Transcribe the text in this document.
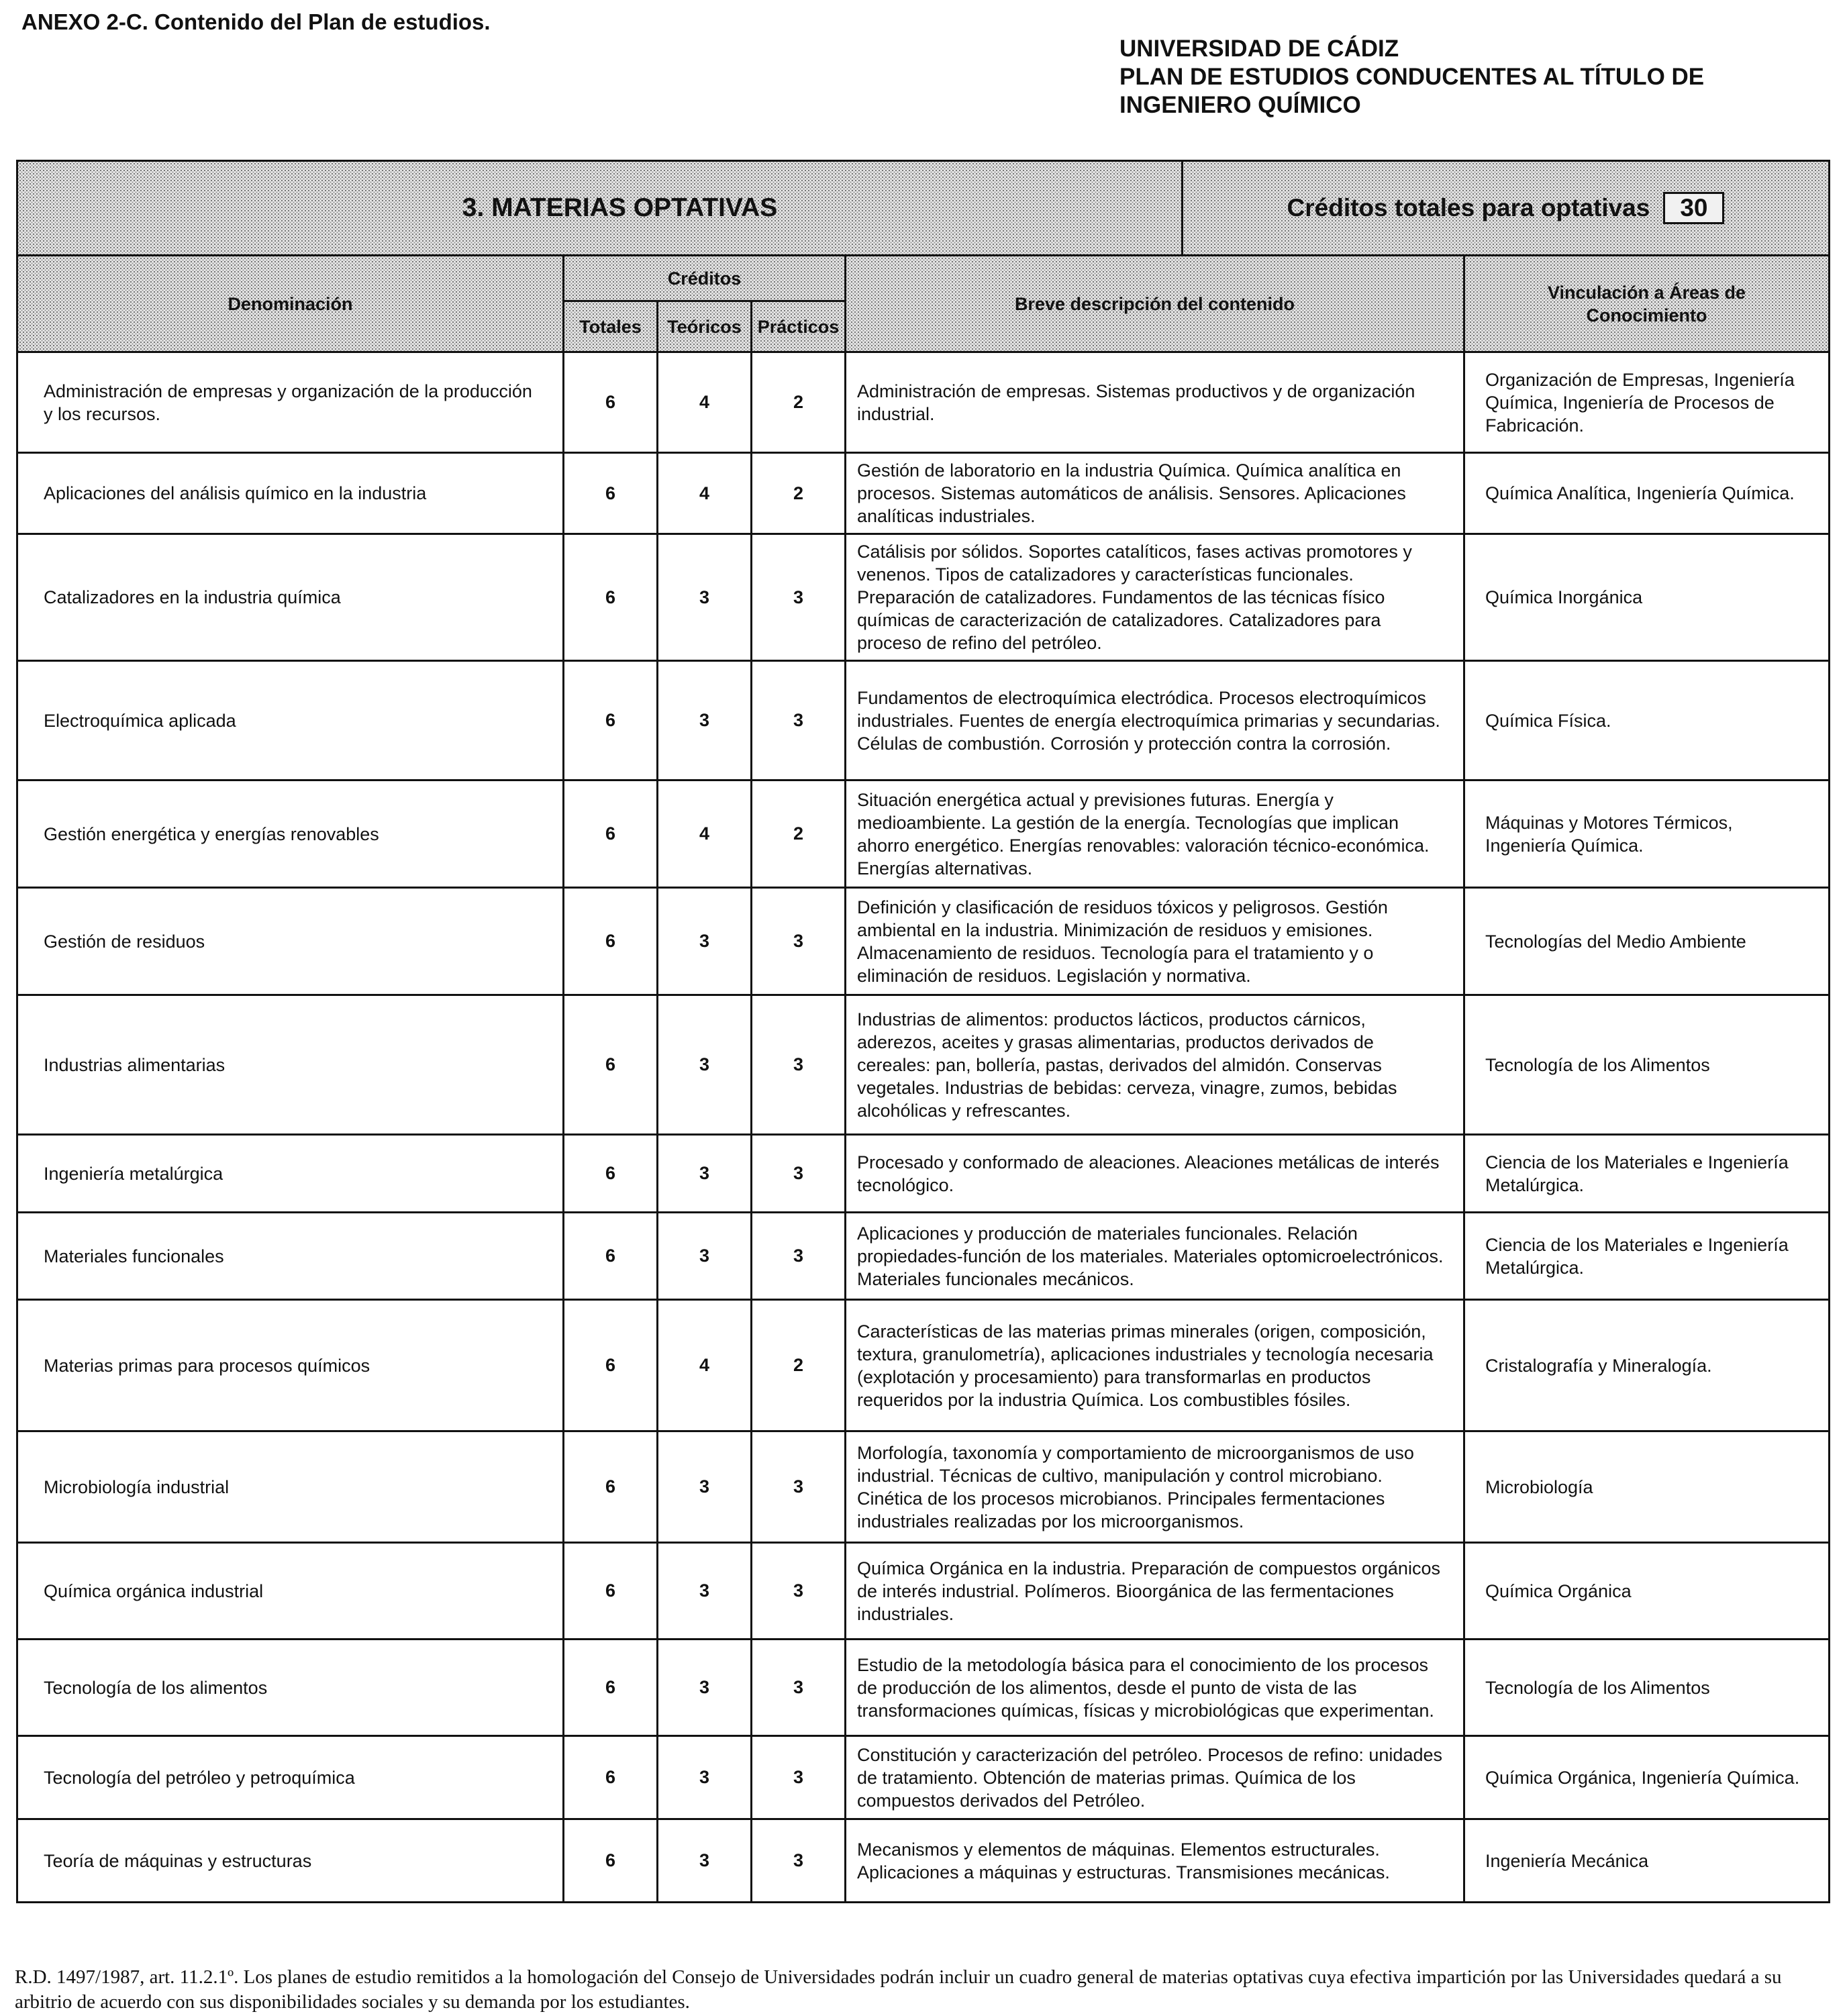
ANEXO 2-C. Contenido del Plan de estudios.
UNIVERSIDAD DE CÁDIZ
PLAN DE ESTUDIOS CONDUCENTES AL TÍTULO DE
INGENIERO QUÍMICO
3. MATERIAS OPTATIVAS Créditos totales para optativas 30					

Denominación	Créditos			Breve descripción del contenido	Vinculación a Áreas de Conocimiento
	Totales	Teóricos	Prácticos		
Administración de empresas y organización de la producción y los recursos.	6	4	2	Administración de empresas. Sistemas productivos y de organización industrial.	Organización de Empresas, Ingeniería Química, Ingeniería de Procesos de Fabricación.
Aplicaciones del análisis químico en la industria	6	4	2	Gestión de laboratorio en la industria Química. Química analítica en procesos. Sistemas automáticos de análisis. Sensores. Aplicaciones analíticas industriales.	Química Analítica, Ingeniería Química.
Catalizadores en la industria química	6	3	3	Catálisis por sólidos. Soportes catalíticos, fases activas promotores y venenos. Tipos de catalizadores y características funcionales. Preparación de catalizadores. Fundamentos de las técnicas físico químicas de caracterización de catalizadores. Catalizadores para proceso de refino del petróleo.	Química Inorgánica
Electroquímica aplicada	6	3	3	Fundamentos de electroquímica electródica. Procesos electroquímicos industriales. Fuentes de energía electroquímica primarias y secundarias. Células de combustión. Corrosión y protección contra la corrosión.	Química Física.
Gestión energética y energías renovables	6	4	2	Situación energética actual y previsiones futuras. Energía y medioambiente. La gestión de la energía. Tecnologías que implican ahorro energético. Energías renovables: valoración técnico-económica. Energías alternativas.	Máquinas y Motores Térmicos, Ingeniería Química.
Gestión de residuos	6	3	3	Definición y clasificación de residuos tóxicos y peligrosos. Gestión ambiental en la industria. Minimización de residuos y emisiones. Almacenamiento de residuos. Tecnología para el tratamiento y o eliminación de residuos. Legislación y normativa.	Tecnologías del Medio Ambiente
Industrias alimentarias	6	3	3	Industrias de alimentos: productos lácticos, productos cárnicos, aderezos, aceites y grasas alimentarias, productos derivados de cereales: pan, bollería, pastas, derivados del almidón. Conservas vegetales. Industrias de bebidas: cerveza, vinagre, zumos, bebidas alcohólicas y refrescantes.	Tecnología de los Alimentos
Ingeniería metalúrgica	6	3	3	Procesado y conformado de aleaciones. Aleaciones metálicas de interés tecnológico.	Ciencia de los Materiales e Ingeniería Metalúrgica.
Materiales funcionales	6	3	3	Aplicaciones y producción de materiales funcionales. Relación propiedades-función de los materiales. Materiales optomicroelectrónicos. Materiales funcionales mecánicos.	Ciencia de los Materiales e Ingeniería Metalúrgica.
Materias primas para procesos químicos	6	4	2	Características de las materias primas minerales (origen, composición, textura, granulometría), aplicaciones industriales y tecnología necesaria (explotación y procesamiento) para transformarlas en productos requeridos por la industria Química. Los combustibles fósiles.	Cristalografía y Mineralogía.
Microbiología industrial	6	3	3	Morfología, taxonomía y comportamiento de microorganismos de uso industrial. Técnicas de cultivo, manipulación y control microbiano. Cinética de los procesos microbianos. Principales fermentaciones industriales realizadas por los microorganismos.	Microbiología
Química orgánica industrial	6	3	3	Química Orgánica en la industria. Preparación de compuestos orgánicos de interés industrial. Polímeros. Bioorgánica de las fermentaciones industriales.	Química Orgánica
Tecnología de los alimentos	6	3	3	Estudio de la metodología básica para el conocimiento de los procesos de producción de los alimentos, desde el punto de vista de las transformaciones químicas, físicas y microbiológicas que experimentan.	Tecnología de los Alimentos
Tecnología del petróleo y petroquímica	6	3	3	Constitución y caracterización del petróleo. Procesos de refino: unidades de tratamiento. Obtención de materias primas. Química de los compuestos derivados del Petróleo.	Química Orgánica, Ingeniería Química.
Teoría de máquinas y estructuras	6	3	3	Mecanismos y elementos de máquinas. Elementos estructurales. Aplicaciones a máquinas y estructuras. Transmisiones mecánicas.	Ingeniería Mecánica
R.D. 1497/1987, art. 11.2.1º. Los planes de estudio remitidos a la homologación del Consejo de Universidades podrán incluir un cuadro general de materias optativas cuya efectiva impartición por las Universidades quedará a su arbitrio de acuerdo con sus disponibilidades sociales y su demanda por los estudiantes.
